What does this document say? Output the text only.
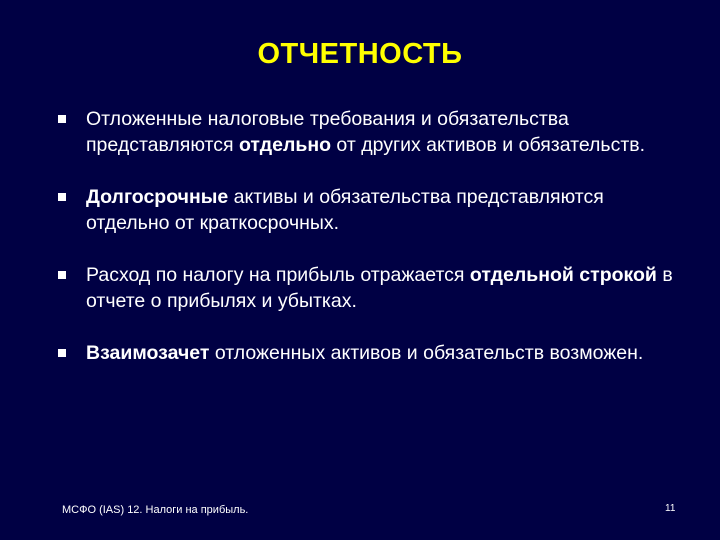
ОТЧЕТНОСТЬ
Отложенные налоговые требования и обязательства представляются отдельно от других активов и обязательств.
Долгосрочные активы и обязательства представляются отдельно от краткосрочных.
Расход по налогу на прибыль отражается отдельной строкой в отчете о прибылях и убытках.
Взаимозачет отложенных активов и обязательств возможен.
МСФО (IAS) 12. Налоги на прибыль.	11
